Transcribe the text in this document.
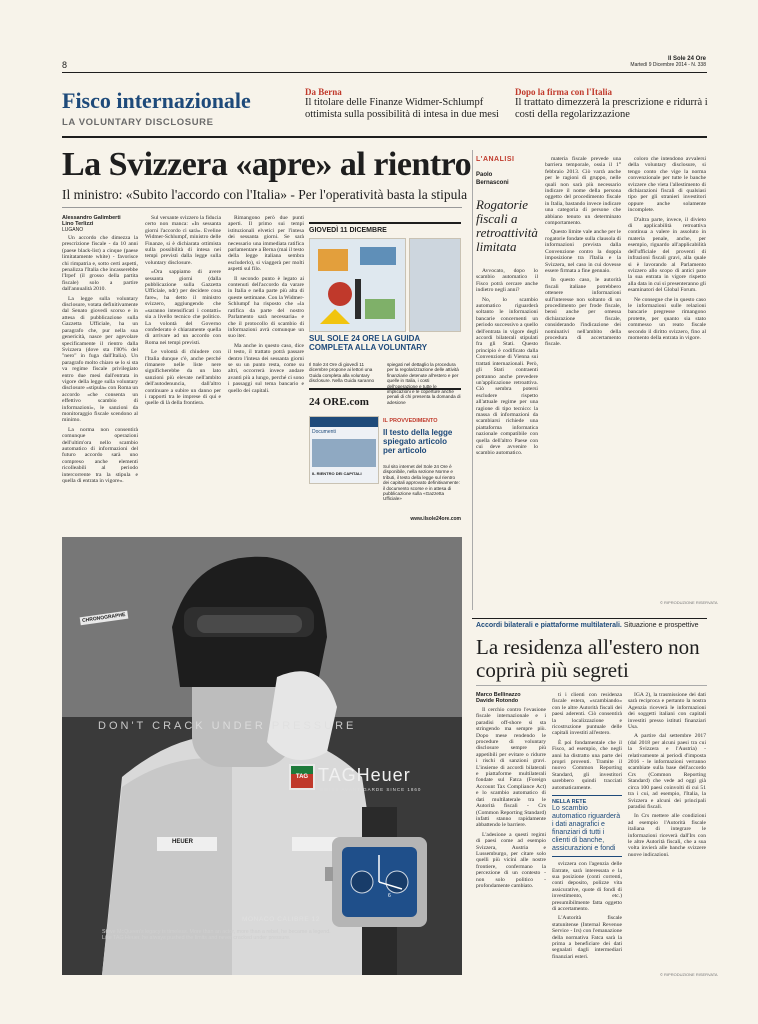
8
Il Sole 24 Ore
Martedì 9 Dicembre 2014 - N. 338
Fisco internazionale
LA VOLUNTARY DISCLOSURE
Da Berna
Il titolare delle Finanze Widmer-Schlumpf ottimista sulla possibilità di intesa in due mesi
Dopo la firma con l'Italia
Il trattato dimezzerà la prescrizione e ridurrà i costi della regolarizzazione
La Svizzera «apre» al rientro
Il ministro: «Subito l'accordo con l'Italia» - Per l'operatività basta la stipula
Alessandro Galimberti
Lino Terlizzi
LUGANO

Un accordo che dimezza la prescrizione fiscale - da 10 anni (paese black-list) a cinque (paese limitatamente white) - favorisce chi rimpatria e, sotto certi aspetti, penalizza l'Italia che incasserebbe l'Irpef (il grosso della partita fiscale) solo a partire dall'annualità 2010.

La legge sulla voluntary disclosure, votata definitivamente dal Senato giovedì scorso e in attesa di pubblicazione sulla Gazzetta Ufficiale, ha un paragrafo che, pur nella sua genericità, nasce per agevolare specificamente il rientro dalla Svizzera (dove sta l'80% del "nero" in fuga dall'Italia). Un paragrafo molto chiaro se lo si sta va regime fiscale privilegiato entro due mesi dall'entrata in vigore della legge sulla voluntary disclosure «stipula» con Roma un accordo «che consenta un effettivo scambio di informazioni», le sanzioni da monitoraggio fiscale scendono al minimo.

La norma non consentirà comunque operazioni dell'ultim'ora nello scambio automatico di informazioni del futuro accordo sarà uno compreso anche elementi ricolleabili al periodo intercorrente tra la stipula e quella di entrata in vigore».

Sul versante svizzero la fiducia certo non manca: «In sessanta giorni l'accordo ci sarà». Eveline Widmer-Schlumpf, ministro delle Finanze, si è dichiarata ottimista sulla possibilità di intesa nei tempi previsti dalla legge sulla voluntary disclosure.

«Ora sappiamo di avere sessanta giorni (dalla pubblicazione sulla Gazzetta Ufficiale, ndr) per decidere cosa fare», ha detto il ministro svizzero, aggiungendo che «saranno intensificati i contatti» sia a livello tecnico che politico. La volontà del Governo confederato è chiaramente quella di arrivare ad un accordo con Roma nei tempi previsti.

Le volontà di chiudere con l'Italia dunque c'è, anche perché rimanere nelle liste nere significherebbe da un lato sanzioni più elevate nell'ambito dell'autodenuncia, dall'altro continuare a subire un danno per i rapporti tra le imprese di qui e quelle di là della frontiera.

Rimangono però due punti aperti. Il primo sui tempi istituzionali elvetici per l'intesa dei sessanta giorni. Se sarà necessario una immediata ratifica parlamentare a Berna (mai il testo della legge italiana sembra escluderlo), si viaggerà per molti aspetti sul filo.

Il secondo punto è legato ai contenuti dell'accordo da varare in Italia e nella parte più alta di queste settimane. Con la Widmer-Schlumpf ha risposto che «la ratifica da parte del nostro Parlamento sarà necessaria» e che il protocollo di scambio di informazioni avrà comunque un suo iter.

Ma anche in questo caso, dice il testo, il trattato potrà passare dentro l'intesa dei sessanta giorni se su un punto resta, come su altri, occorrerà invece andare avanti più a lungo, perché ci sono i passaggi sul tema bancario e quello dei capitali.

GIOVEDÌ 11 DICEMBRE
SUL SOLE 24 ORE LA GUIDA COMPLETA ALLA VOLUNTARY
Il Sole 24 Ore di giovedì 11 dicembre propone ai lettori una Guida completa alla voluntary disclosure. Nella Guida saranno
spiegati nel dettaglio la procedura per la regolarizzazione delle attività finanziarie detenute all'estero e per quelle in Italia, i costi dell'operazione e tutte le implicazioni e le coperture anche penali di chi presenta la domanda di adesione
24 ORE.com
Documenti
IL RIENTRO DEI CAPITALI
IL PROVVEDIMENTO
Il testo della legge spiegato articolo per articolo
Sul sito internet del Sole 24 Ore è disponibile, nella sezione Norme e tributi, il testo della legge sul rientro dei capitali approvato definitivamente: il documento scorse e in attesa di pubblicazione sulla «Gazzetta Ufficiale»
www.ilsole24ore.com
L'ANALISI
Paolo
Bernasconi
Rogatorie fiscali a retroattività limitata

Avvocato, dopo lo scambio automatico il Fisco potrà cercare anche indietro negli anni?

No, lo scambio automatico riguarderà soltanto le informazioni bancarie concernenti un periodo successivo a quello dell'entrata in vigore degli accordi bilaterali stipulati fra gli Stati. Questo principio è codificato dalla Convenzione di Vienna sui trattati internazionali. Però, gli Stati contraenti potranno anche prevedere un'applicazione retroattiva. Ciò sembra potersi escludere rispetto all'attuale regime per una ragione di tipo tecnico: la massa di informazioni da scambiarsi richiede una piattaforma informatica nazionale compatibile con quella dell'altro Paese con cui deve avvenire lo scambio automatico.

materia fiscale prevede una barriera temporale, ossia il 1° febbraio 2013. Ciò varrà anche per le ragioni di gruppo, nelle quali non sarà più necessario indicare il nome della persona oggetto del procedimento fiscale in Italia, bastando invece indicare una categoria di persone che abbiano tenuto un determinato comportamento.

Questo limite vale anche per le rogatorie fondate sulla clausola di informazioni prevista dalla Convenzione contro la doppia imposizione tra l'Italia e la Svizzera, nel caso in cui dovesse essere firmata a fine gennaio.

In questo caso, le autorità fiscali italiane potrebbero ottenere informazioni sull'interesse non soltanto di un procedimento per frode fiscale, bensì anche per omessa dichiarazione fiscale, considerando l'indicazione dei nominativi nell'ambito della procedura di accertamento fiscale.

coloro che intendono avvalersi della voluntary disclosure, si tengo conto che vige la norma convenzionale per tutte le banche svizzere che vieta l'allestimento di dichiarazioni fiscali di qualsiasi tipo per gli stranieri investitori oppure anche solamente incomplete.

D'altra parte, invece, il divieto di applicabilità retroattiva continua a valere in assoluto in materia penale, anche, per esempio, riguardo all'applicabilità dell'ufficiale del proventi di infrazioni fiscali gravi, alla quale si è lavorando al Parlamento svizzero allo scopo di antici pare la sua entrata in vigore rispetto alla data in cui si presenteranno gli esaminatori del Global Forum.

Ne consegue che in questo caso le informazioni sulle relazioni bancarie pregresse rimangono protette, per quanto sia stato commesso un reato fiscale secondo il diritto svizzero, fino al momento della entrata in vigore.

© RIPRODUZIONE RISERVATA
Accordi bilaterali e piattaforme multilaterali. Situazione e prospettive
La residenza all'estero non coprirà più segreti
Marco Bellinazzo
Davide Rotondo

Il cerchio contro l'evasione fiscale internazionale e i paradisi off-shore si sta stringendo ma sempre più. Dopo mese rendendo le procedure di voluntary disclosure sempre più appetibili per evitare o ridurre i rischi di sanzioni gravi. L'insieme di accordi bilaterali e piattaforme multilaterali fondate sul Fatca (Foreign Account Tax Compliance Act) e lo scambio automatico di dati multilaterale tra le Autorità fiscali - Crs (Common Reporting Standard) infatti stanno rapidamente abbattendo le barriere.

L'adesione a questi regimi di paesi come ad esempio Svizzera, Austria e Lussemburgo, per citare solo quelli più vicini alle nostre frontiere, confermano la percezione di un contesto - non solo politico - profondamente cambiato.

ti i clienti con residenza fiscale estera, «scambiando» con le altre Autorità fiscali dei paesi aderenti. Ciò consentirà la localizzazione e ricostruzione puntuale delle capitali investiti all'estero.

È poi fondamentale che il Fisco, ad esempio, che negli anni ha distratto una parte dei propri proventi. Tramite il nuovo Common Reporting Standard, gli investitori sarebbero quindi tracciati automaticamente.

NELLA RETE
Lo scambio automatico riguarderà i dati anagrafici e finanziari di tutti i clienti di banche, assicurazioni e fondi

svizzera con l'agenzia delle Entrate, sarà interessata e la sua posizione (conti correnti, conti deposito, polizze vita assicurative, quote di fondi di investimento, etc.) presumibilmente fatta oggetto di accertamento.

L'Autorità fiscale statunitense (Internal Revenue Service - Irs) con l'emanazione della normativa Fatca sarà la prima a beneficiare dei dati segnalati dagli intermediari finanziari esteri.

IGA 2), la trasmissione dei dati sarà reciproca e pertanto la nostra Agenzia riceverà le informazioni dei soggetti italiani con capitali investiti presso istituti finanziari Usa.

A partire dal settembre 2017 (dal 2018 per alcuni paesi tra cui la Svizzera e l'Austria) - relativamente ai periodi d'imposta 2016 - le informazioni verranno scambiate sulla base dell'accordo Crs (Common Reporting Standard) che vede ad oggi già circa 100 paesi coinvolti di cui 51 tra i cui, ad esempio, l'Italia, la Svizzera e alcuni dei principali paradisi fiscali.

In Crs mettere alle condizioni ad esempio l'Autorità fiscale italiana di integrare le informazioni riceverà dall'Irs con le altre Autorità fiscali, che a sua volta invierà alle banche svizzere nuove indicazioni.

© RIPRODUZIONE RISERVATA
CHRONOGRAPHE
HEUER
DON'T CRACK UNDER PRESSURE
TAG TAGHeuer
SWISS AVANT-GARDE SINCE 1860
6
MONACO CALIBRE 12
Steve McQueen's legacy is timeless. More than an actor, more than a rebel, he became a legend. Like TAG Heuer, he always pushed the limits and never cracked under pressure.
